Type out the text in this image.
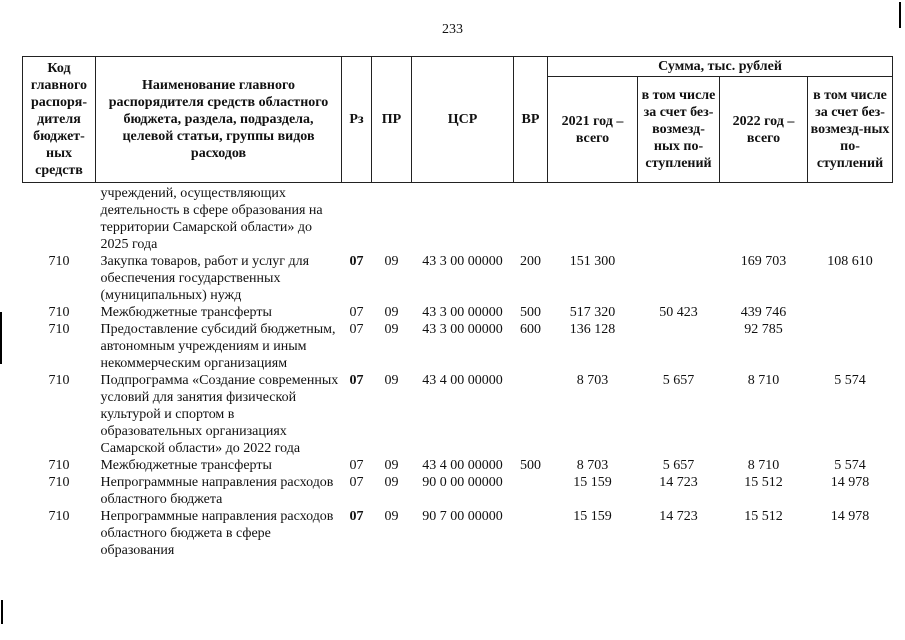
233
Код главного распоря-дителя бюджет-ных средств	Наименование главного распорядителя средств областного бюджета, раздела, подраздела, целевой статьи, группы видов расходов	Рз	ПР	ЦСР	ВР	Сумма, тыс. рублей			
						2021 год – всего	в том числе за счет без-возмезд-ных по-ступлений	2022 год – всего	в том числе за счет без-возмезд-ных по-ступлений
	учреждений, осуществляющих деятельность в сфере образования на территории Самарской области» до 2025 года								
710	Закупка товаров, работ и услуг для обеспечения государственных (муниципальных) нужд	07	09	43 3 00 00000	200	151 300		169 703	108 610
710	Межбюджетные трансферты	07	09	43 3 00 00000	500	517 320	50 423	439 746	
710	Предоставление субсидий бюджетным, автономным учреждениям и иным некоммерческим организациям	07	09	43 3 00 00000	600	136 128		92 785	
710	Подпрограмма «Создание современных условий для занятия физической культурой и спортом в образовательных организациях Самарской области» до 2022 года	07	09	43 4 00 00000		8 703	5 657	8 710	5 574
710	Межбюджетные трансферты	07	09	43 4 00 00000	500	8 703	5 657	8 710	5 574
710	Непрограммные направления расходов областного бюджета	07	09	90 0 00 00000		15 159	14 723	15 512	14 978
710	Непрограммные направления расходов областного бюджета в сфере образования	07	09	90 7 00 00000		15 159	14 723	15 512	14 978
